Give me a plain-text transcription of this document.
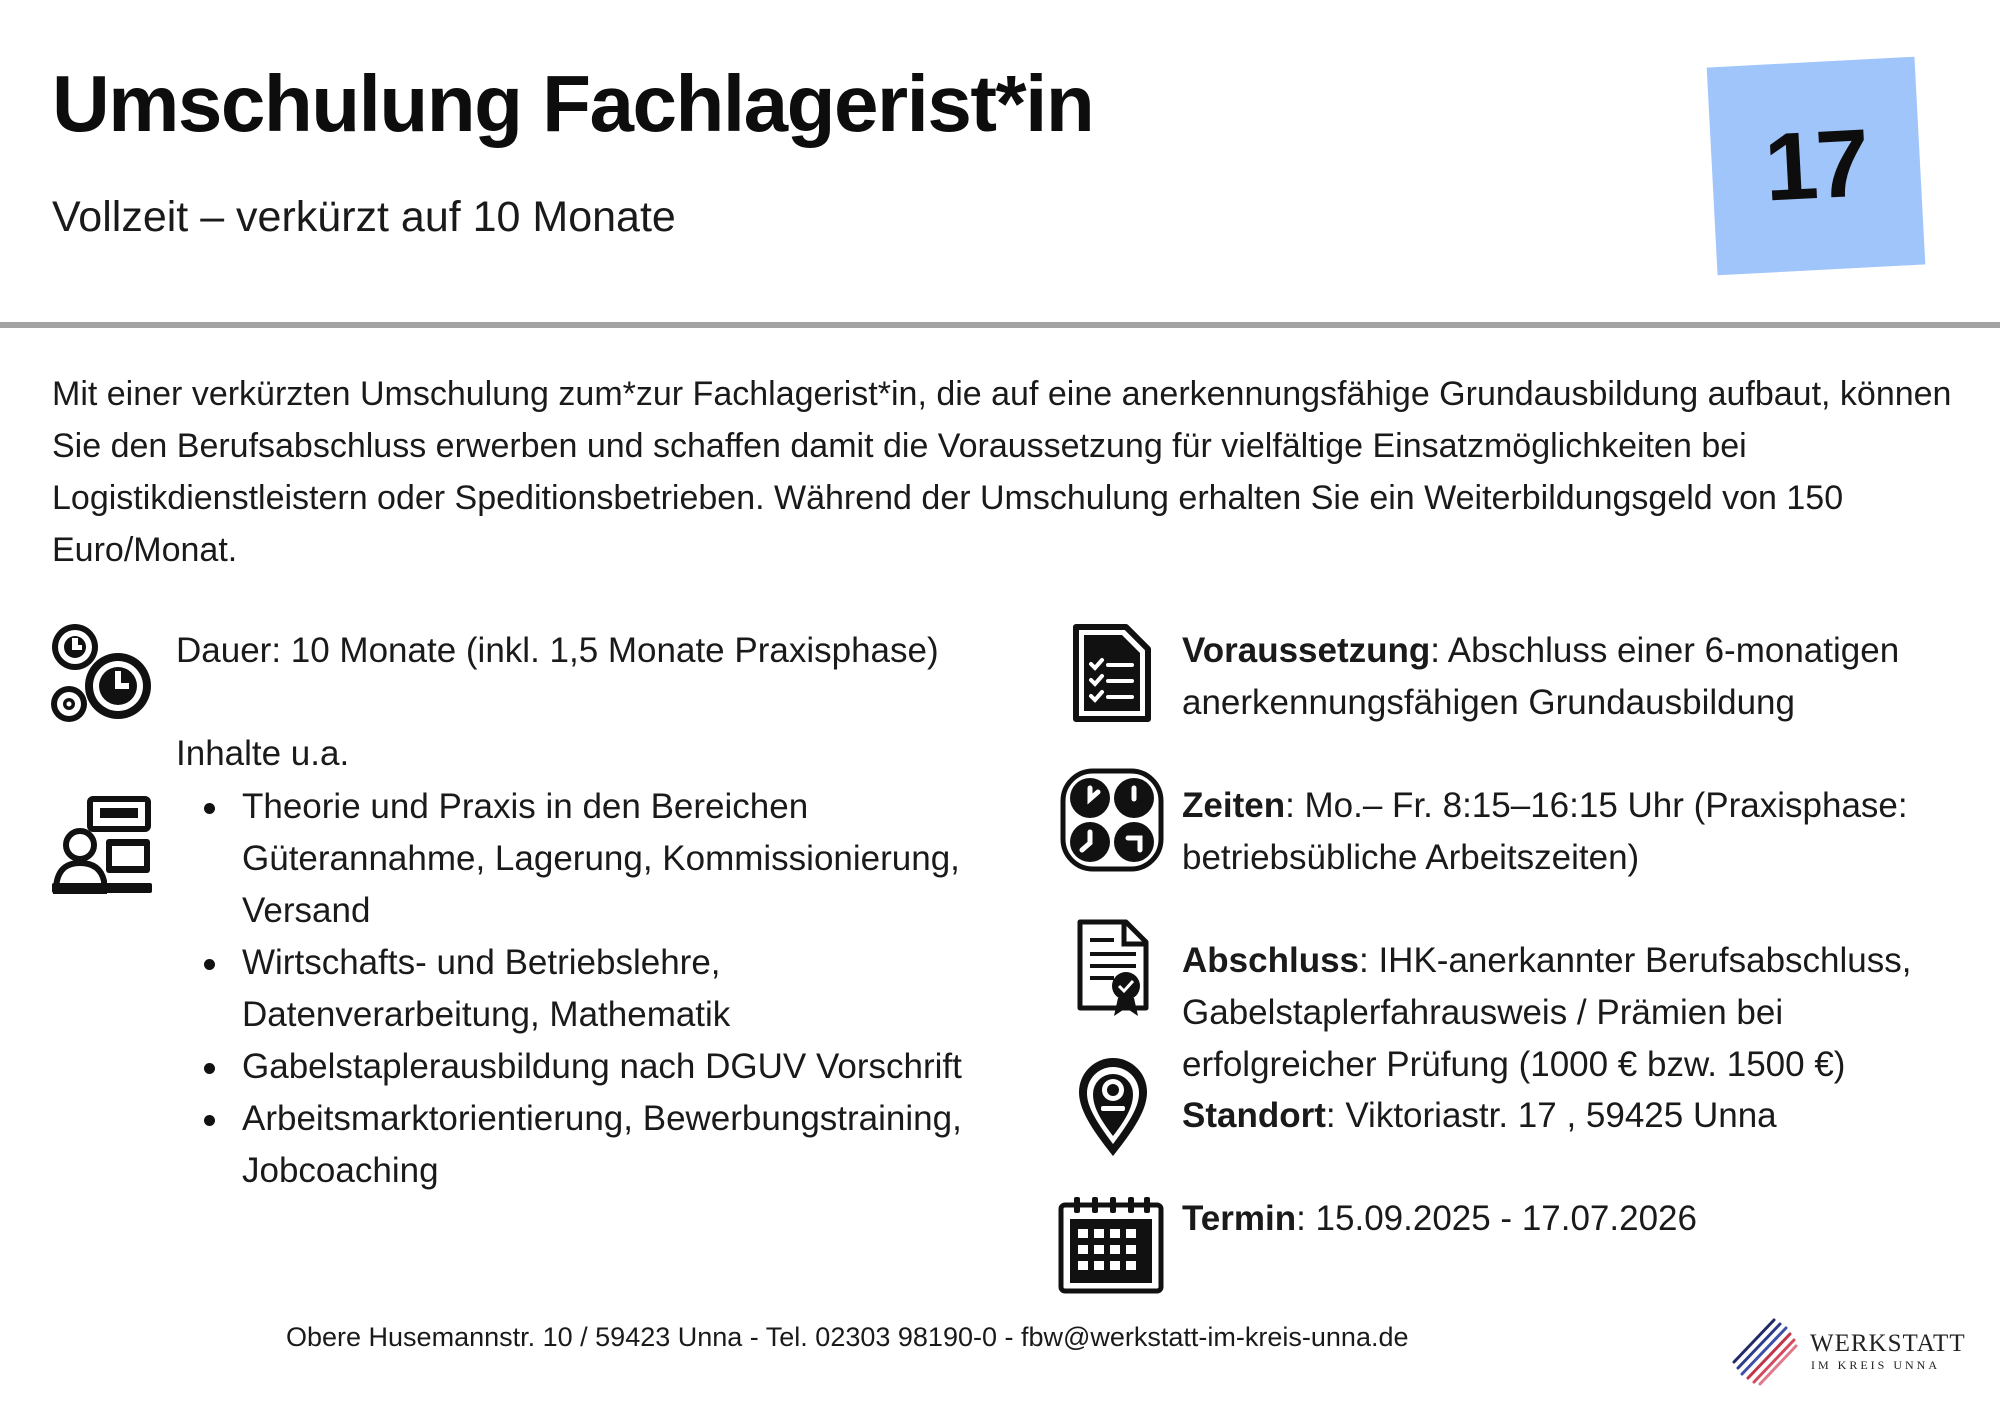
Umschulung Fachlagerist*in
Vollzeit – verkürzt auf 10 Monate	17
Mit einer verkürzten Umschulung zum*zur Fachlagerist*in, die auf eine anerkennungsfähige Grundausbildung aufbaut, können Sie den Berufsabschluss erwerben und schaffen damit die Voraussetzung für vielfältige Einsatzmöglichkeiten bei Logistikdienstleistern oder Speditionsbetrieben. Während der Umschulung erhalten Sie ein Weiterbildungsgeld von 150 Euro/Monat.
Dauer: 10 Monate (inkl. 1,5 Monate Praxisphase)
Inhalte u.a.
Theorie und Praxis in den Bereichen Güterannahme, Lagerung, Kommissionierung, Versand
Wirtschafts- und Betriebslehre, Datenverarbeitung, Mathematik
Gabelstaplerausbildung nach DGUV Vorschrift
Arbeitsmarktorientierung, Bewerbungstraining, Jobcoaching
Voraussetzung: Abschluss einer 6-monatigen anerkennungsfähigen Grundausbildung
Zeiten: Mo.– Fr. 8:15–16:15 Uhr (Praxisphase: betriebsübliche Arbeitszeiten)
Abschluss: IHK-anerkannter Berufsabschluss, Gabelstaplerfahrausweis / Prämien bei erfolgreicher Prüfung (1000 € bzw. 1500 €)
Standort: Viktoriastr. 17 , 59425 Unna
Termin: 15.09.2025 - 17.07.2026
Obere Husemannstr. 10 / 59423 Unna - Tel. 02303 98190-0 - fbw@werkstatt-im-kreis-unna.de	WERKSTATT
IM KREIS UNNA
